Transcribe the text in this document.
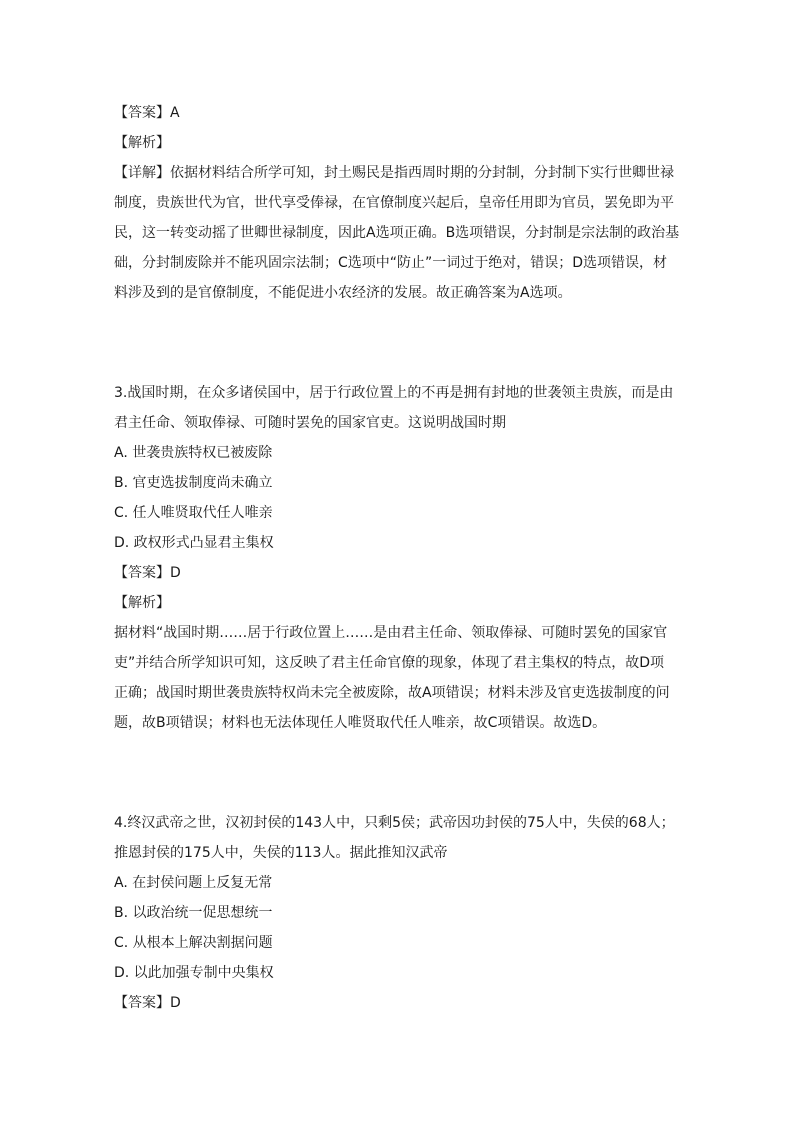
【答案】A
【解析】
【详解】依据材料结合所学可知，封土赐民是指西周时期的分封制，分封制下实行世卿世禄
制度，贵族世代为官，世代享受俸禄，在官僚制度兴起后，皇帝任用即为官员，罢免即为平
民，这一转变动摇了世卿世禄制度，因此A选项正确。B选项错误，分封制是宗法制的政治基
础，分封制废除并不能巩固宗法制；C选项中“防止”一词过于绝对，错误；D选项错误，材
料涉及到的是官僚制度，不能促进小农经济的发展。故正确答案为A选项。
3.战国时期，在众多诸侯国中，居于行政位置上的不再是拥有封地的世袭领主贵族，而是由
君主任命、领取俸禄、可随时罢免的国家官吏。这说明战国时期
A. 世袭贵族特权已被废除
B. 官吏选拔制度尚未确立
C. 任人唯贤取代任人唯亲
D. 政权形式凸显君主集权
【答案】D
【解析】
据材料“战国时期……居于行政位置上……是由君主任命、领取俸禄、可随时罢免的国家官
吏”并结合所学知识可知，这反映了君主任命官僚的现象，体现了君主集权的特点，故D项
正确；战国时期世袭贵族特权尚未完全被废除，故A项错误；材料未涉及官吏选拔制度的问
题，故B项错误；材料也无法体现任人唯贤取代任人唯亲，故C项错误。故选D。
4.终汉武帝之世，汉初封侯的143人中，只剩5侯；武帝因功封侯的75人中，失侯的68人；
推恩封侯的175人中，失侯的113人。据此推知汉武帝
A. 在封侯问题上反复无常
B. 以政治统一促思想统一
C. 从根本上解决割据问题
D. 以此加强专制中央集权
【答案】D
